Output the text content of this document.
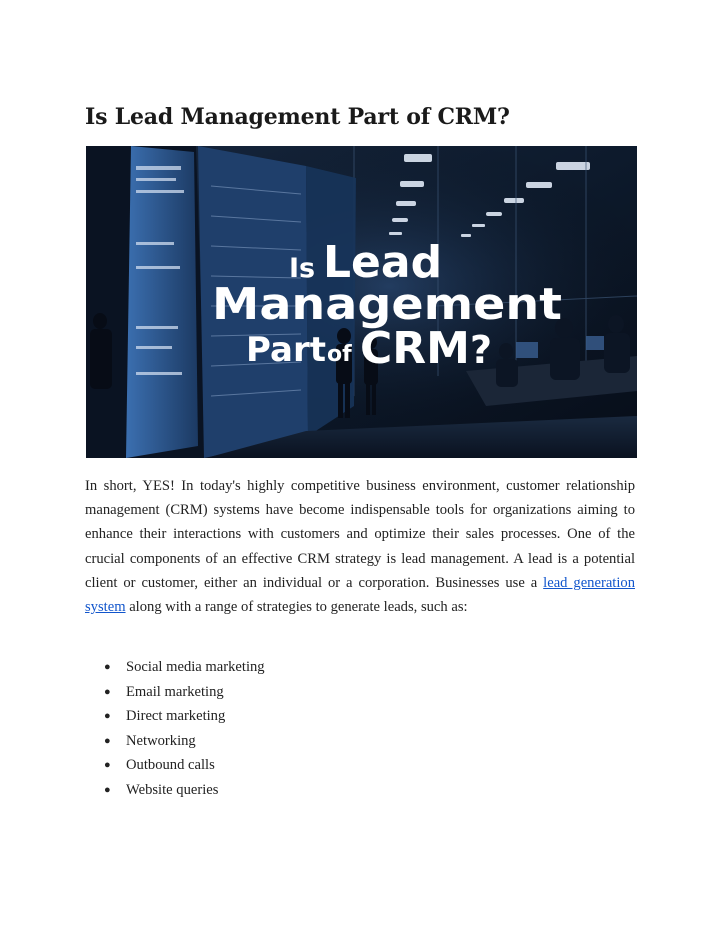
Is Lead Management Part of CRM?
Is Lead
Management
Part of CRM ?

In short, YES! In today's highly competitive business environment, customer relationship management (CRM) systems have become indispensable tools for organizations aiming to enhance their interactions with customers and optimize their sales processes. One of the crucial components of an effective CRM strategy is lead management. A lead is a potential client or customer, either an individual or a corporation. Businesses use a lead generation system along with a range of strategies to generate leads, such as:

● Social media marketing
● Email marketing
● Direct marketing
● Networking
● Outbound calls
● Website queries
